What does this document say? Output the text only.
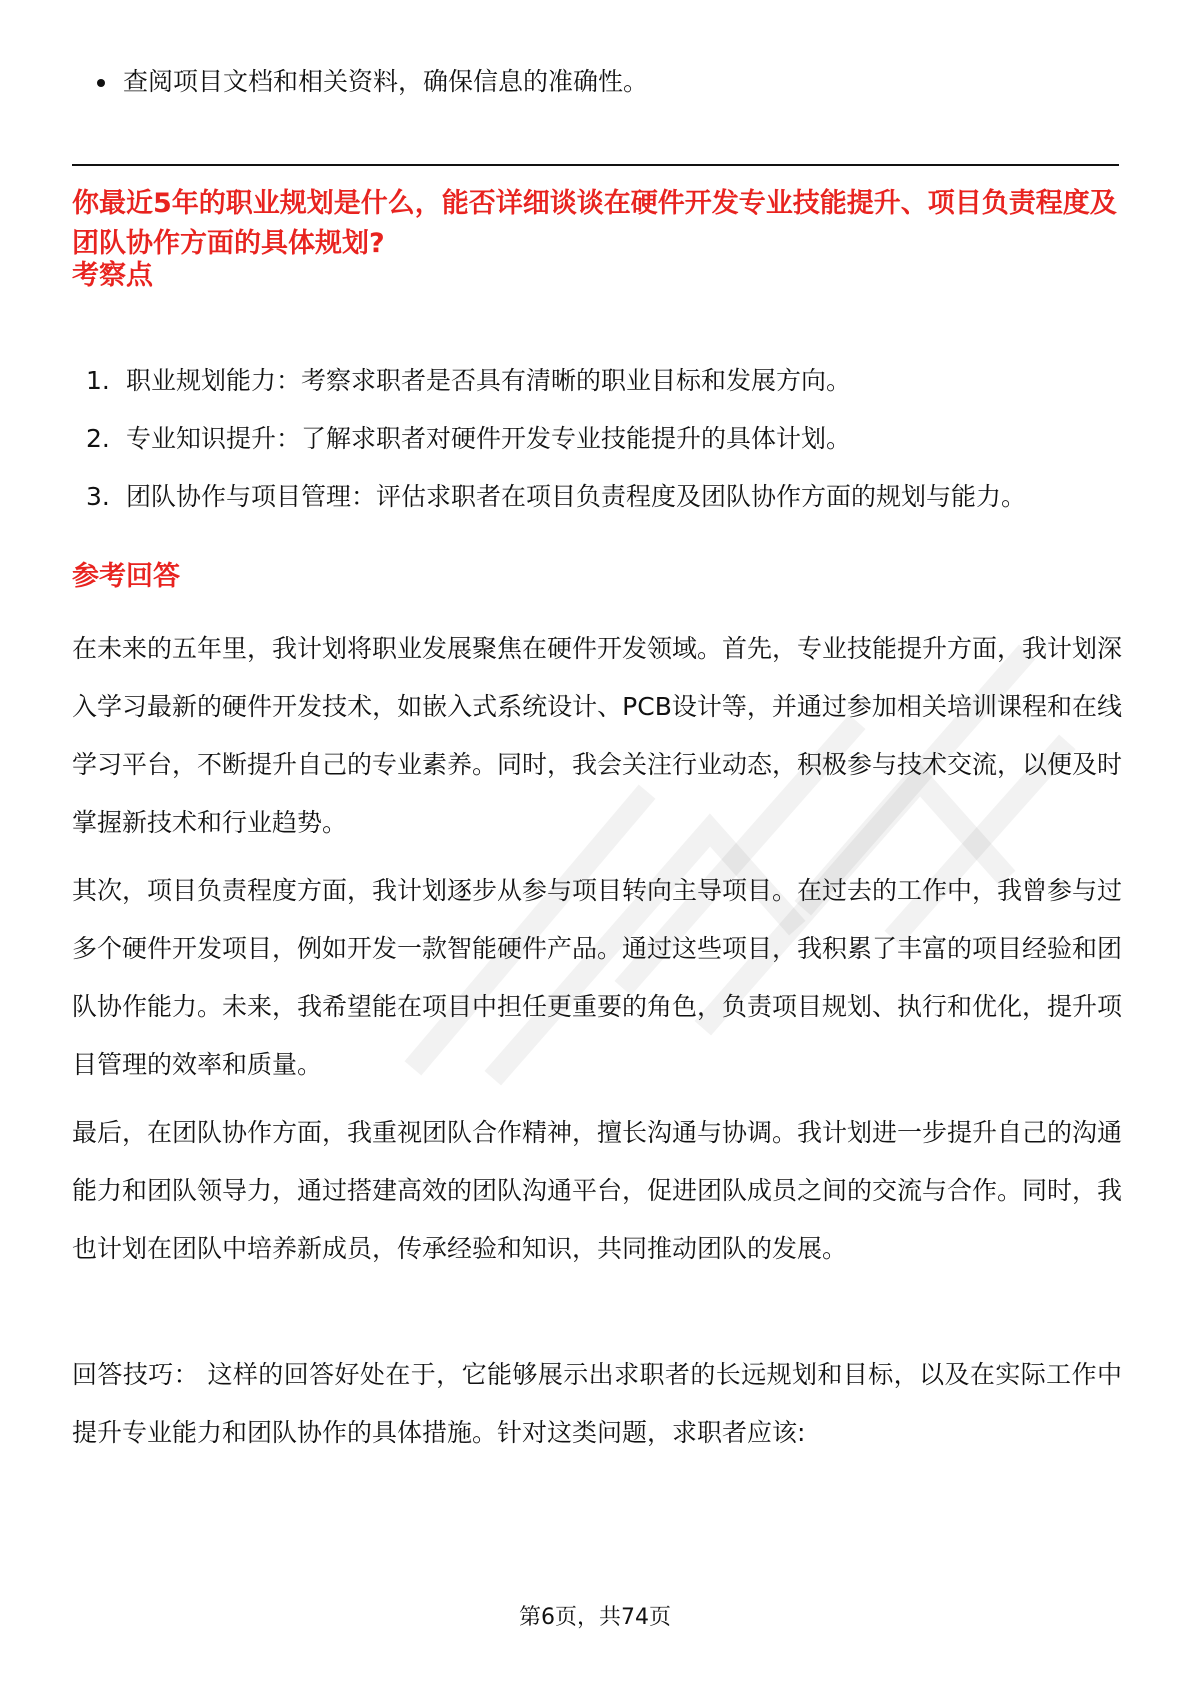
查阅项目文档和相关资料，确保信息的准确性。
你最近5年的职业规划是什么，能否详细谈谈在硬件开发专业技能提升、项目负责程度及团队协作方面的具体规划?
考察点
1. 职业规划能力：考察求职者是否具有清晰的职业目标和发展方向。
2. 专业知识提升：了解求职者对硬件开发专业技能提升的具体计划。
3. 团队协作与项目管理：评估求职者在项目负责程度及团队协作方面的规划与能力。
参考回答

在未来的五年里，我计划将职业发展聚焦在硬件开发领域。首先，专业技能提升方面，我计划深入学习最新的硬件开发技术，如嵌入式系统设计、PCB设计等，并通过参加相关培训课程和在线学习平台，不断提升自己的专业素养。同时，我会关注行业动态，积极参与技术交流，以便及时掌握新技术和行业趋势。

其次，项目负责程度方面，我计划逐步从参与项目转向主导项目。在过去的工作中，我曾参与过多个硬件开发项目，例如开发一款智能硬件产品。通过这些项目，我积累了丰富的项目经验和团队协作能力。未来，我希望能在项目中担任更重要的角色，负责项目规划、执行和优化，提升项目管理的效率和质量。

最后，在团队协作方面，我重视团队合作精神，擅长沟通与协调。我计划进一步提升自己的沟通能力和团队领导力，通过搭建高效的团队沟通平台，促进团队成员之间的交流与合作。同时，我也计划在团队中培养新成员，传承经验和知识，共同推动团队的发展。

回答技巧： 这样的回答好处在于，它能够展示出求职者的长远规划和目标，以及在实际工作中提升专业能力和团队协作的具体措施。针对这类问题，求职者应该:

第6页，共74页
